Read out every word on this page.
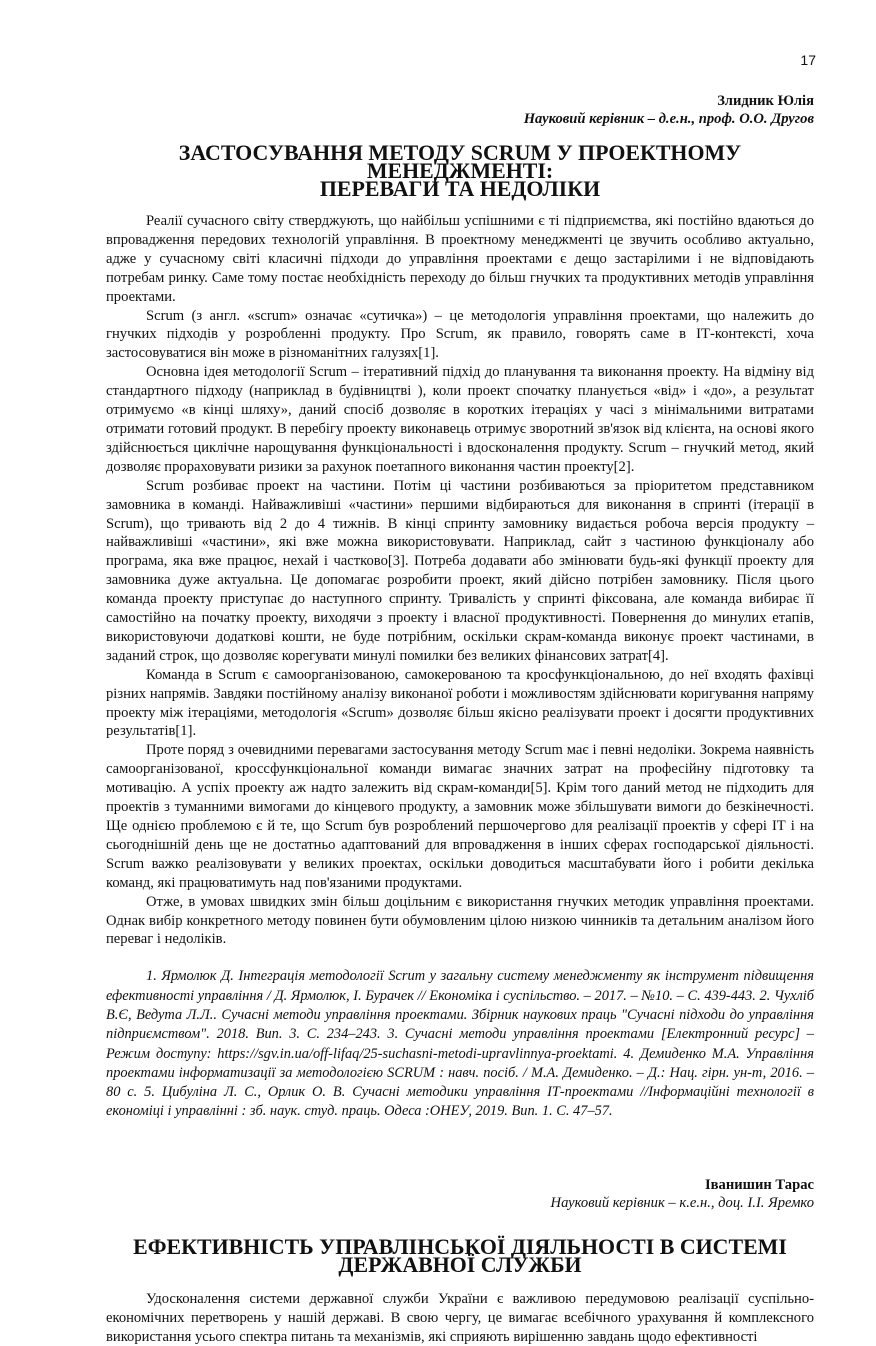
17
Злидник Юлія
Науковий керівник – д.е.н., проф. О.О. Другов
ЗАСТОСУВАННЯ МЕТОДУ SCRUM У ПРОЕКТНОМУ МЕНЕДЖМЕНТІ:
ПЕРЕВАГИ ТА НЕДОЛІКИ

Реалії сучасного світу стверджують, що найбільш успішними є ті підприємства, які постійно вдаються до впровадження передових технологій управління. В проектному менеджменті це звучить особливо актуально, адже у сучасному світі класичні підходи до управління проектами є дещо застарілими і не відповідають потребам ринку. Саме тому постає необхідність переходу до більш гнучких та продуктивних методів управління проектами.

Scrum (з англ. «scrum» означає «сутичка») – це методологія управління проектами, що належить до гнучких підходів у розробленні продукту. Про Scrum, як правило, говорять саме в ІТ-контексті, хоча застосовуватися він може в різноманітних галузях[1].

Основна ідея методології Scrum – ітеративний підхід до планування та виконання проекту. На відміну від стандартного підходу (наприклад в будівництві ), коли проект спочатку планується «від» і «до», а результат отримуємо «в кінці шляху», даний спосіб дозволяє в коротких ітераціях у часі з мінімальними витратами отримати готовий продукт. В перебігу проекту виконавець отримує зворотний зв'язок від клієнта, на основі якого здійснюється циклічне нарощування функціональності і вдосконалення продукту. Scrum – гнучкий метод, який дозволяє прораховувати ризики за рахунок поетапного виконання частин проекту[2].

Scrum розбиває проект на частини. Потім ці частини розбиваються за пріоритетом представником замовника в команді. Найважливіші «частини» першими відбираються для виконання в спринті (ітерації в Scrum), що тривають від 2 до 4 тижнів. В кінці спринту замовнику видається робоча версія продукту – найважливіші «частини», які вже можна використовувати. Наприклад, сайт з частиною функціоналу або програма, яка вже працює, нехай і частково[3]. Потреба додавати або змінювати будь-які функції проекту для замовника дуже актуальна. Це допомагає розробити проект, який дійсно потрібен замовнику. Після цього команда проекту приступає до наступного спринту. Тривалість у спринті фіксована, але команда вибирає її самостійно на початку проекту, виходячи з проекту і власної продуктивності. Повернення до минулих етапів, використовуючи додаткові кошти, не буде потрібним, оскільки скрам-команда виконує проект частинами, в заданий строк, що дозволяє корегувати минулі помилки без великих фінансових затрат[4].

Команда в Scrum є самоорганізованою, самокерованою та кросфункціональною, до неї входять фахівці різних напрямів. Завдяки постійному аналізу виконаної роботи і можливостям здійснювати коригування напряму проекту між ітераціями, методологія «Scrum» дозволяє більш якісно реалізувати проект і досягти продуктивних результатів[1].

Проте поряд з очевидними перевагами застосування методу Scrum має і певні недоліки. Зокрема наявність самоорганізованої, кроссфункціональної команди вимагає значних затрат на професійну підготовку та мотивацію. А успіх проекту аж надто залежить від скрам-команди[5]. Крім того даний метод не підходить для проектів з туманними вимогами до кінцевого продукту, а замовник може збільшувати вимоги до безкінечності. Ще однією проблемою є й те, що Scrum був розроблений першочергово для реалізації проектів у сфері ІТ і на сьогоднішній день ще не достатньо адаптований для впровадження в інших сферах господарської діяльності. Scrum важко реалізовувати у великих проектах, оскільки доводиться масштабувати його і робити декілька команд, які працюватимуть над пов'язаними продуктами.

Отже, в умовах швидких змін більш доцільним є використання гнучких методик управління проектами. Однак вибір конкретного методу повинен бути обумовленим цілою низкою чинників та детальним аналізом його переваг і недоліків.

1. Ярмолюк Д. Інтеграція методології Scrum у загальну систему менеджменту як інструмент підвищення ефективності управління / Д. Ярмолюк, І. Бурачек // Економіка і суспільство. – 2017. – №10. – С. 439-443. 2. Чухліб В.Є, Ведута Л.Л.. Сучасні методи управління проектами. Збірник наукових праць "Сучасні підходи до управління підприємством". 2018. Вип. 3. С. 234–243. 3. Сучасні методи управління проектами [Електронний ресурс] – Режим доступу: https://sgv.in.ua/off-lifaq/25-suchasni-metodi-upravlinnya-proektami. 4. Демиденко М.А. Управління проектами інформатизації за методологією SCRUM : навч. посіб. / М.А. Демиденко. – Д.: Нац. гірн. ун-т, 2016. – 80 с. 5. Цибуліна Л. С., Орлик О. В. Сучасні методики управління ІТ-проектами //Інформаційні технології в економіці і управлінні : зб. наук. студ. праць. Одеса :ОНЕУ, 2019. Вип. 1. С. 47–57.

Іванишин Тарас
Науковий керівник – к.е.н., доц. І.І. Яремко
ЕФЕКТИВНІСТЬ УПРАВЛІНСЬКОЇ ДІЯЛЬНОСТІ В СИСТЕМІ ДЕРЖАВНОЇ СЛУЖБИ

Удосконалення системи державної служби України є важливою передумовою реалізації суспільно-економічних перетворень у нашій державі. В свою чергу, це вимагає всебічного урахування й комплексного використання усього спектра питань та механізмів, які сприяють вирішенню завдань щодо ефективності
